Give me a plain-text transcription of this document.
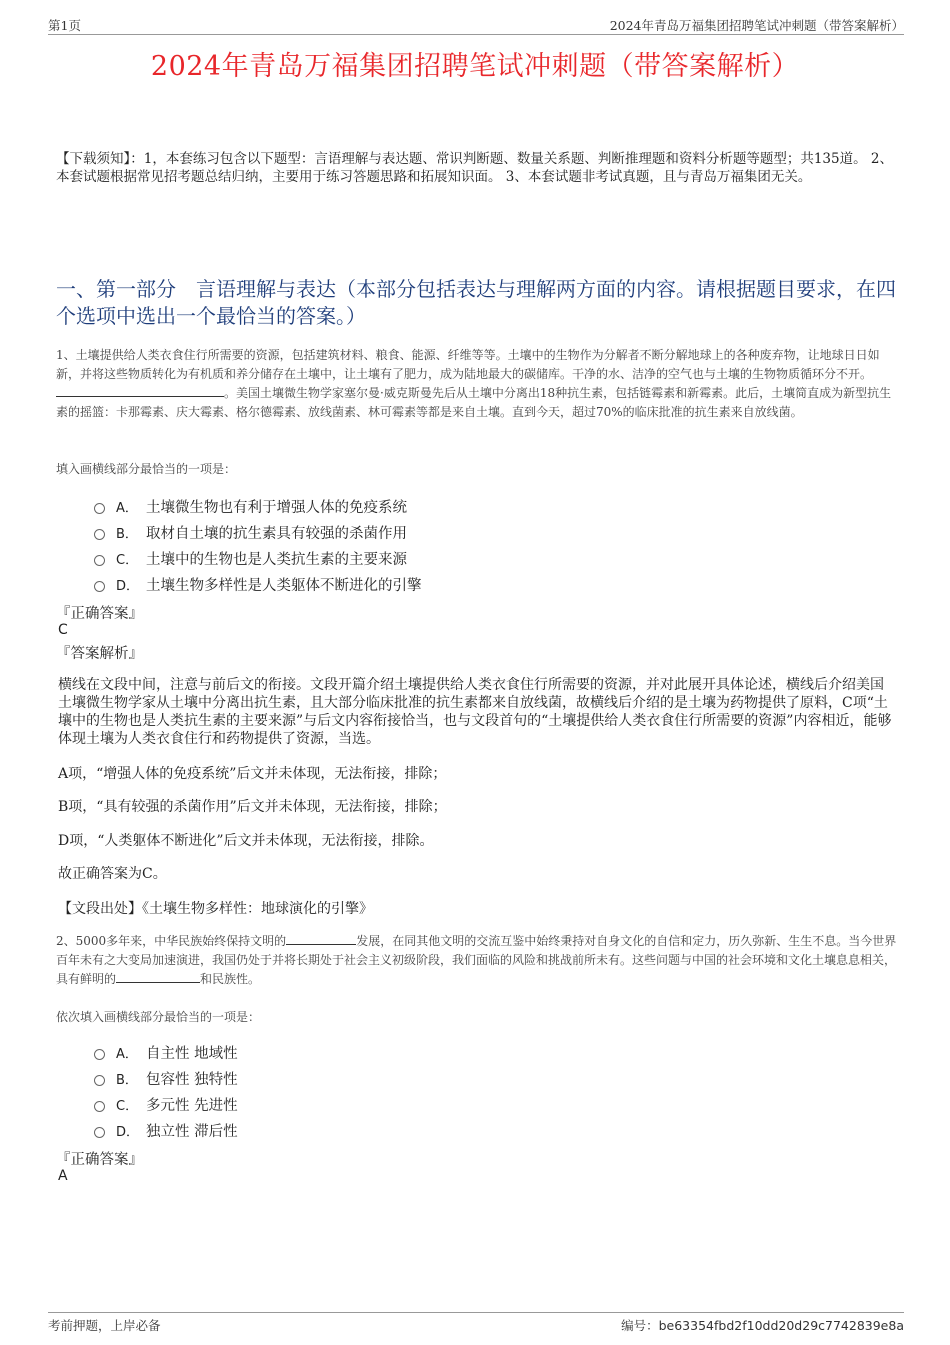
第1页	2024年青岛万福集团招聘笔试冲刺题（带答案解析）
2024年青岛万福集团招聘笔试冲刺题（带答案解析）
【下载须知】：1，本套练习包含以下题型：言语理解与表达题、常识判断题、数量关系题、判断推理题和资料分析题等题型；共135道。 2、本套试题根据常见招考题总结归纳，主要用于练习答题思路和拓展知识面。 3、本套试题非考试真题，且与青岛万福集团无关。
一、第一部分　言语理解与表达（本部分包括表达与理解两方面的内容。请根据题目要求，在四个选项中选出一个最恰当的答案。）
1、土壤提供给人类衣食住行所需要的资源，包括建筑材料、粮食、能源、纤维等等。土壤中的生物作为分解者不断分解地球上的各种废弃物，让地球日日如新，并将这些物质转化为有机质和养分储存在土壤中，让土壤有了肥力，成为陆地最大的碳储库。干净的水、洁净的空气也与土壤的生物物质循环分不开。。美国土壤微生物学家塞尔曼·威克斯曼先后从土壤中分离出18种抗生素，包括链霉素和新霉素。此后，土壤简直成为新型抗生素的摇篮：卡那霉素、庆大霉素、格尔德霉素、放线菌素、林可霉素等都是来自土壤。直到今天，超过70%的临床批准的抗生素来自放线菌。
填入画横线部分最恰当的一项是：
A． 土壤微生物也有利于增强人体的免疫系统
B． 取材自土壤的抗生素具有较强的杀菌作用
C． 土壤中的生物也是人类抗生素的主要来源
D． 土壤生物多样性是人类躯体不断进化的引擎
『正确答案』
C
『答案解析』
横线在文段中间，注意与前后文的衔接。文段开篇介绍土壤提供给人类衣食住行所需要的资源，并对此展开具体论述，横线后介绍美国土壤微生物学家从土壤中分离出抗生素，且大部分临床批准的抗生素都来自放线菌，故横线后介绍的是土壤为药物提供了原料，C项“土壤中的生物也是人类抗生素的主要来源”与后文内容衔接恰当，也与文段首句的“土壤提供给人类衣食住行所需要的资源”内容相近，能够体现土壤为人类衣食住行和药物提供了资源，当选。
A项，“增强人体的免疫系统”后文并未体现，无法衔接，排除；
B项，“具有较强的杀菌作用”后文并未体现，无法衔接，排除；
D项，“人类躯体不断进化”后文并未体现，无法衔接，排除。
故正确答案为C。
【文段出处】《土壤生物多样性：地球演化的引擎》
2、5000多年来，中华民族始终保持文明的	发展，在同其他文明的交流互鉴中始终秉持对自身文化的自信和定力，历久弥新、生生不息。当今世界百年未有之大变局加速演进，我国仍处于并将长期处于社会主义初级阶段，我们面临的风险和挑战前所未有。这些问题与中国的社会环境和文化土壤息息相关，具有鲜明的	和民族性。
依次填入画横线部分最恰当的一项是：
A． 自主性 地域性
B． 包容性 独特性
C． 多元性 先进性
D． 独立性 滞后性
『正确答案』
A
考前押题，上岸必备	编号：be63354fbd2f10dd20d29c7742839e8a
